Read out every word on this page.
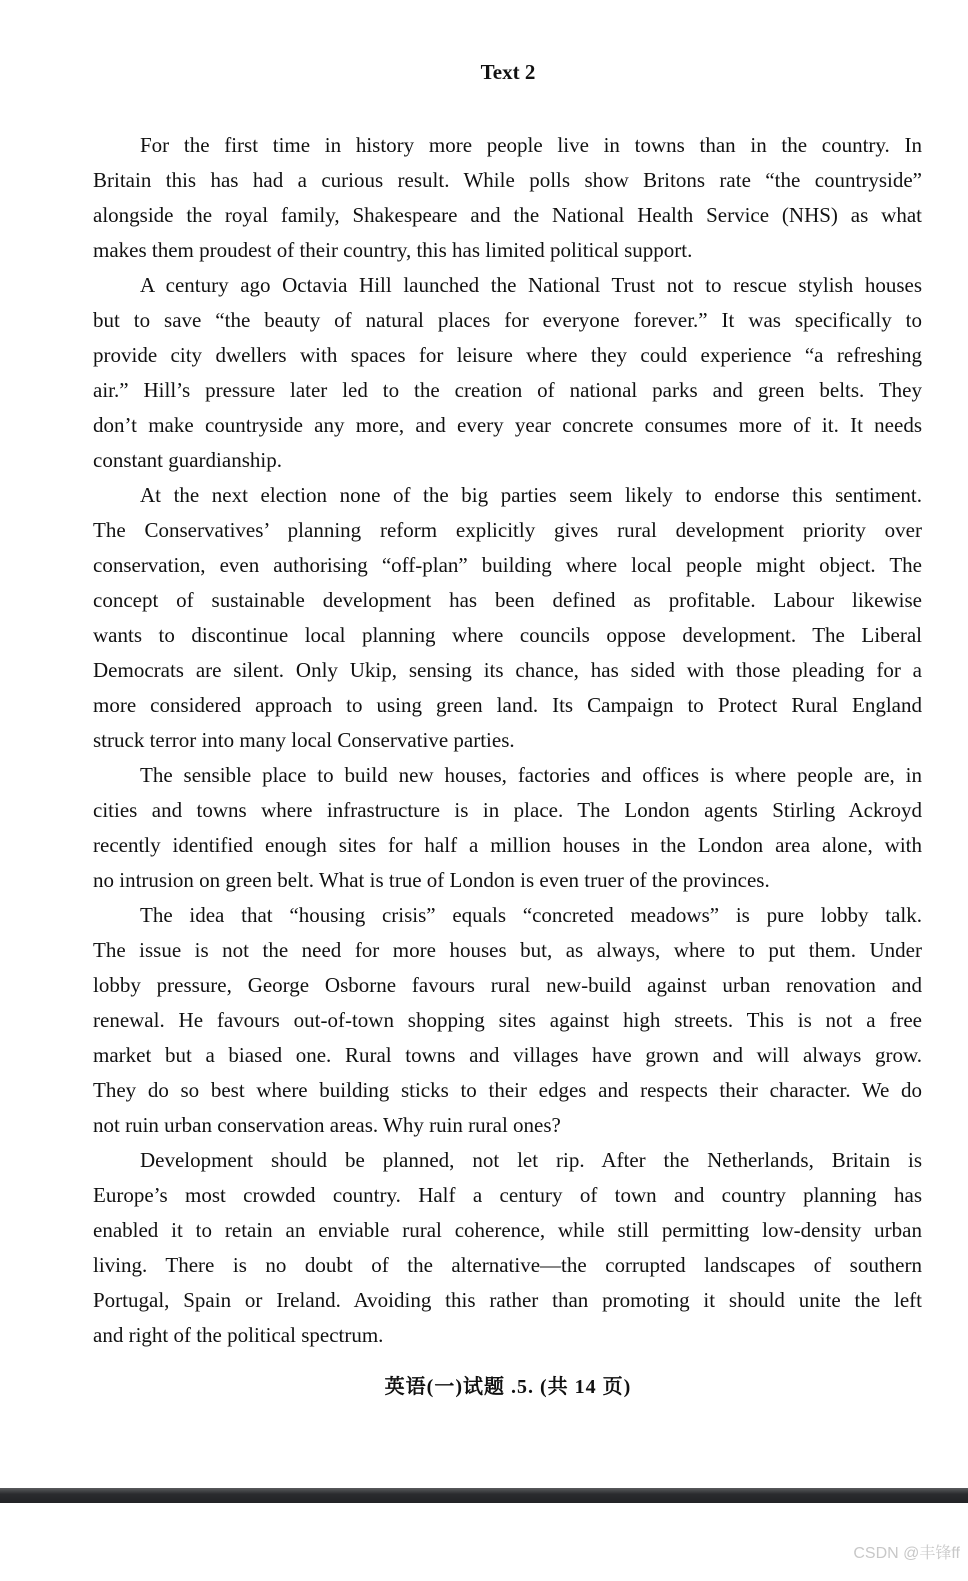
Text 2
For the first time in history more people live in towns than in the country. In
Britain this has had a curious result. While polls show Britons rate “the countryside”
alongside the royal family, Shakespeare and the National Health Service (NHS) as what
makes them proudest of their country, this has limited political support.
A century ago Octavia Hill launched the National Trust not to rescue stylish houses
but to save “the beauty of natural places for everyone forever.” It was specifically to
provide city dwellers with spaces for leisure where they could experience “a refreshing
air.” Hill’s pressure later led to the creation of national parks and green belts. They
don’t make countryside any more, and every year concrete consumes more of it. It needs
constant guardianship.
At the next election none of the big parties seem likely to endorse this sentiment.
The Conservatives’ planning reform explicitly gives rural development priority over
conservation, even authorising “off-plan” building where local people might object. The
concept of sustainable development has been defined as profitable. Labour likewise
wants to discontinue local planning where councils oppose development. The Liberal
Democrats are silent. Only Ukip, sensing its chance, has sided with those pleading for a
more considered approach to using green land. Its Campaign to Protect Rural England
struck terror into many local Conservative parties.
The sensible place to build new houses, factories and offices is where people are, in
cities and towns where infrastructure is in place. The London agents Stirling Ackroyd
recently identified enough sites for half a million houses in the London area alone, with
no intrusion on green belt. What is true of London is even truer of the provinces.
The idea that “housing crisis” equals “concreted meadows” is pure lobby talk.
The issue is not the need for more houses but, as always, where to put them. Under
lobby pressure, George Osborne favours rural new-build against urban renovation and
renewal. He favours out-of-town shopping sites against high streets. This is not a free
market but a biased one. Rural towns and villages have grown and will always grow.
They do so best where building sticks to their edges and respects their character. We do
not ruin urban conservation areas. Why ruin rural ones?
Development should be planned, not let rip. After the Netherlands, Britain is
Europe’s most crowded country. Half a century of town and country planning has
enabled it to retain an enviable rural coherence, while still permitting low-density urban
living. There is no doubt of the alternative—the corrupted landscapes of southern
Portugal, Spain or Ireland. Avoiding this rather than promoting it should unite the left
and right of the political spectrum.
英语(一)试题 .5. (共 14 页)
CSDN @丰锋ff
